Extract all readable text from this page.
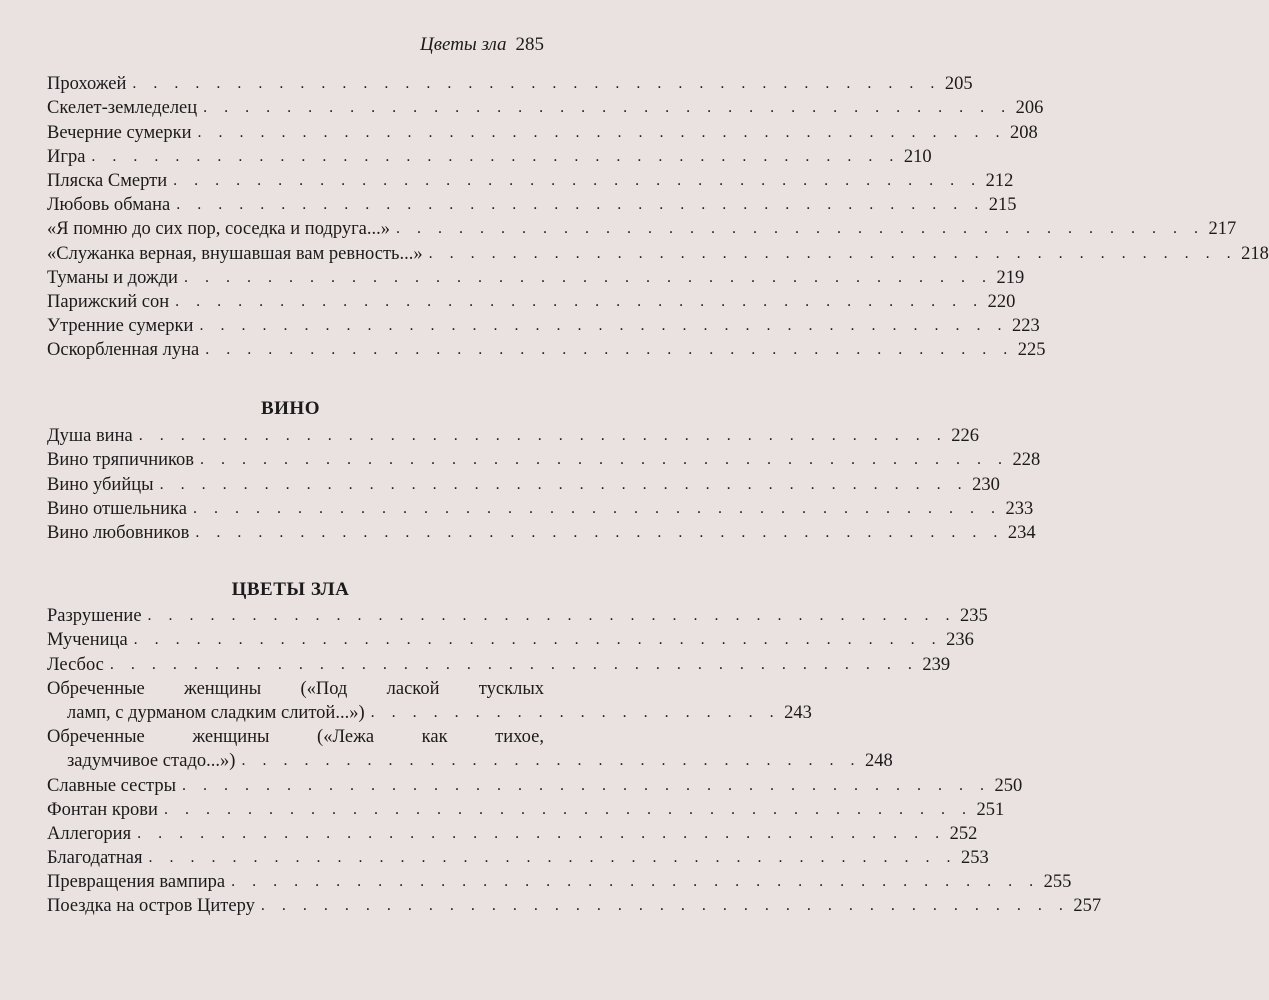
Цветы зла 285
Прохожей . . . . . . . . . . . . . . . . . . . . . . . . . . . . . . . . . . . . . . . 205
Скелет-земледелец . . . . . . . . . . . . . . . . . . . . . . . . . . . . . . . . . . . . . . . 206
Вечерние сумерки . . . . . . . . . . . . . . . . . . . . . . . . . . . . . . . . . . . . . . . 208
Игра . . . . . . . . . . . . . . . . . . . . . . . . . . . . . . . . . . . . . . . 210
Пляска Смерти . . . . . . . . . . . . . . . . . . . . . . . . . . . . . . . . . . . . . . . 212
Любовь обмана . . . . . . . . . . . . . . . . . . . . . . . . . . . . . . . . . . . . . . . 215
«Я помню до сих пор, соседка и подруга...» . . . . . . . . . . . . . . . . . . . . . . . . . . . . . . . . . . . . . . . 217
«Служанка верная, внушавшая вам ревность...» . . . . . . . . . . . . . . . . . . . . . . . . . . . . . . . . . . . . . . . 218
Туманы и дожди . . . . . . . . . . . . . . . . . . . . . . . . . . . . . . . . . . . . . . . 219
Парижский сон . . . . . . . . . . . . . . . . . . . . . . . . . . . . . . . . . . . . . . . 220
Утренние сумерки . . . . . . . . . . . . . . . . . . . . . . . . . . . . . . . . . . . . . . . 223
Оскорбленная луна . . . . . . . . . . . . . . . . . . . . . . . . . . . . . . . . . . . . . . . 225
ВИНО
Душа вина . . . . . . . . . . . . . . . . . . . . . . . . . . . . . . . . . . . . . . . 226
Вино тряпичников . . . . . . . . . . . . . . . . . . . . . . . . . . . . . . . . . . . . . . . 228
Вино убийцы . . . . . . . . . . . . . . . . . . . . . . . . . . . . . . . . . . . . . . . 230
Вино отшельника . . . . . . . . . . . . . . . . . . . . . . . . . . . . . . . . . . . . . . . 233
Вино любовников . . . . . . . . . . . . . . . . . . . . . . . . . . . . . . . . . . . . . . . 234
ЦВЕТЫ ЗЛА
Разрушение . . . . . . . . . . . . . . . . . . . . . . . . . . . . . . . . . . . . . . . 235
Мученица . . . . . . . . . . . . . . . . . . . . . . . . . . . . . . . . . . . . . . . 236
Лесбос . . . . . . . . . . . . . . . . . . . . . . . . . . . . . . . . . . . . . . . 239
Обреченные женщины («Под лаской тусклых
ламп, с дурманом сладким слитой...») . . . . . . . . . . . . . . . . . . . . 243
Обреченные женщины («Лежа как тихое,
задумчивое стадо...») . . . . . . . . . . . . . . . . . . . . . . . . . . . . . . 248
Славные сестры . . . . . . . . . . . . . . . . . . . . . . . . . . . . . . . . . . . . . . . 250
Фонтан крови . . . . . . . . . . . . . . . . . . . . . . . . . . . . . . . . . . . . . . . 251
Аллегория . . . . . . . . . . . . . . . . . . . . . . . . . . . . . . . . . . . . . . . 252
Благодатная . . . . . . . . . . . . . . . . . . . . . . . . . . . . . . . . . . . . . . . 253
Превращения вампира . . . . . . . . . . . . . . . . . . . . . . . . . . . . . . . . . . . . . . . 255
Поездка на остров Цитеру . . . . . . . . . . . . . . . . . . . . . . . . . . . . . . . . . . . . . . . 257
